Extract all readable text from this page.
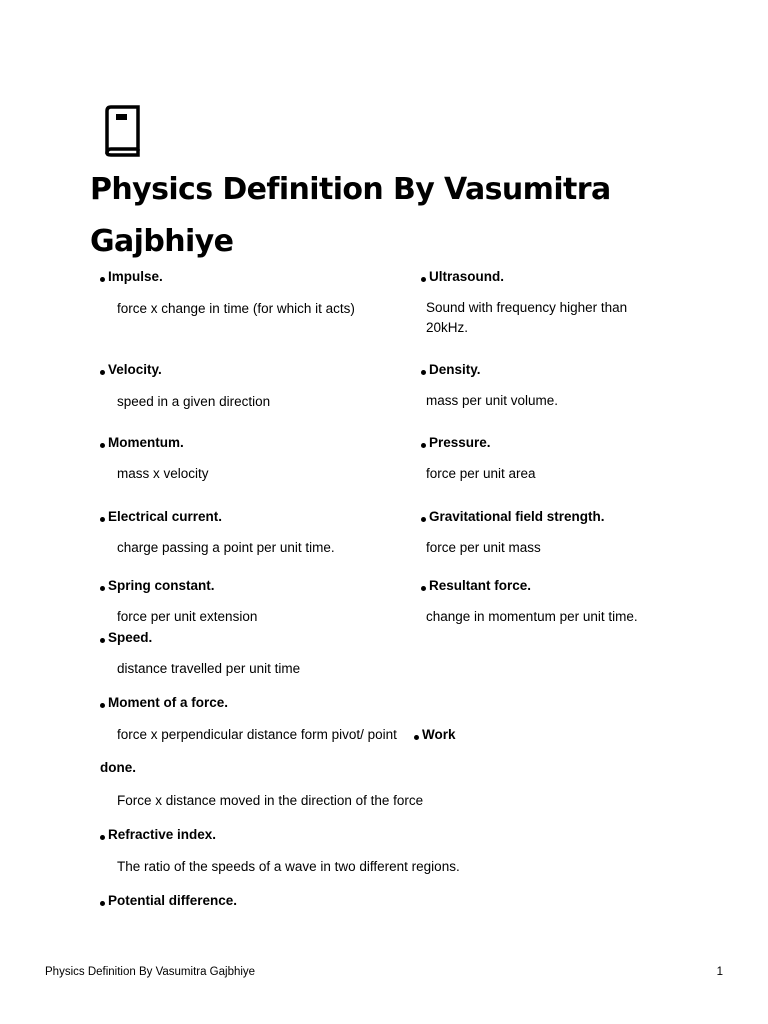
Physics Definition By Vasumitra Gajbhiye
Impulse.
force x change in time (for which it acts)
Velocity.
speed in a given direction
Momentum.
mass x velocity
Electrical current.
charge passing a point per unit time.
Spring constant.
force per unit extension
Speed.
distance travelled per unit time
Moment of a force.
force x perpendicular distance form pivot/ point	Work
done.
Force x distance moved in the direction of the force
Refractive index.
The ratio of the speeds of a wave in two different regions.
Potential difference.
Ultrasound.
Sound with frequency higher than 20kHz.
Density.
mass per unit volume.
Pressure.
force per unit area
Gravitational field strength.
force per unit mass
Resultant force.
change in momentum per unit time.
Physics Definition By Vasumitra Gajbhiye	1
